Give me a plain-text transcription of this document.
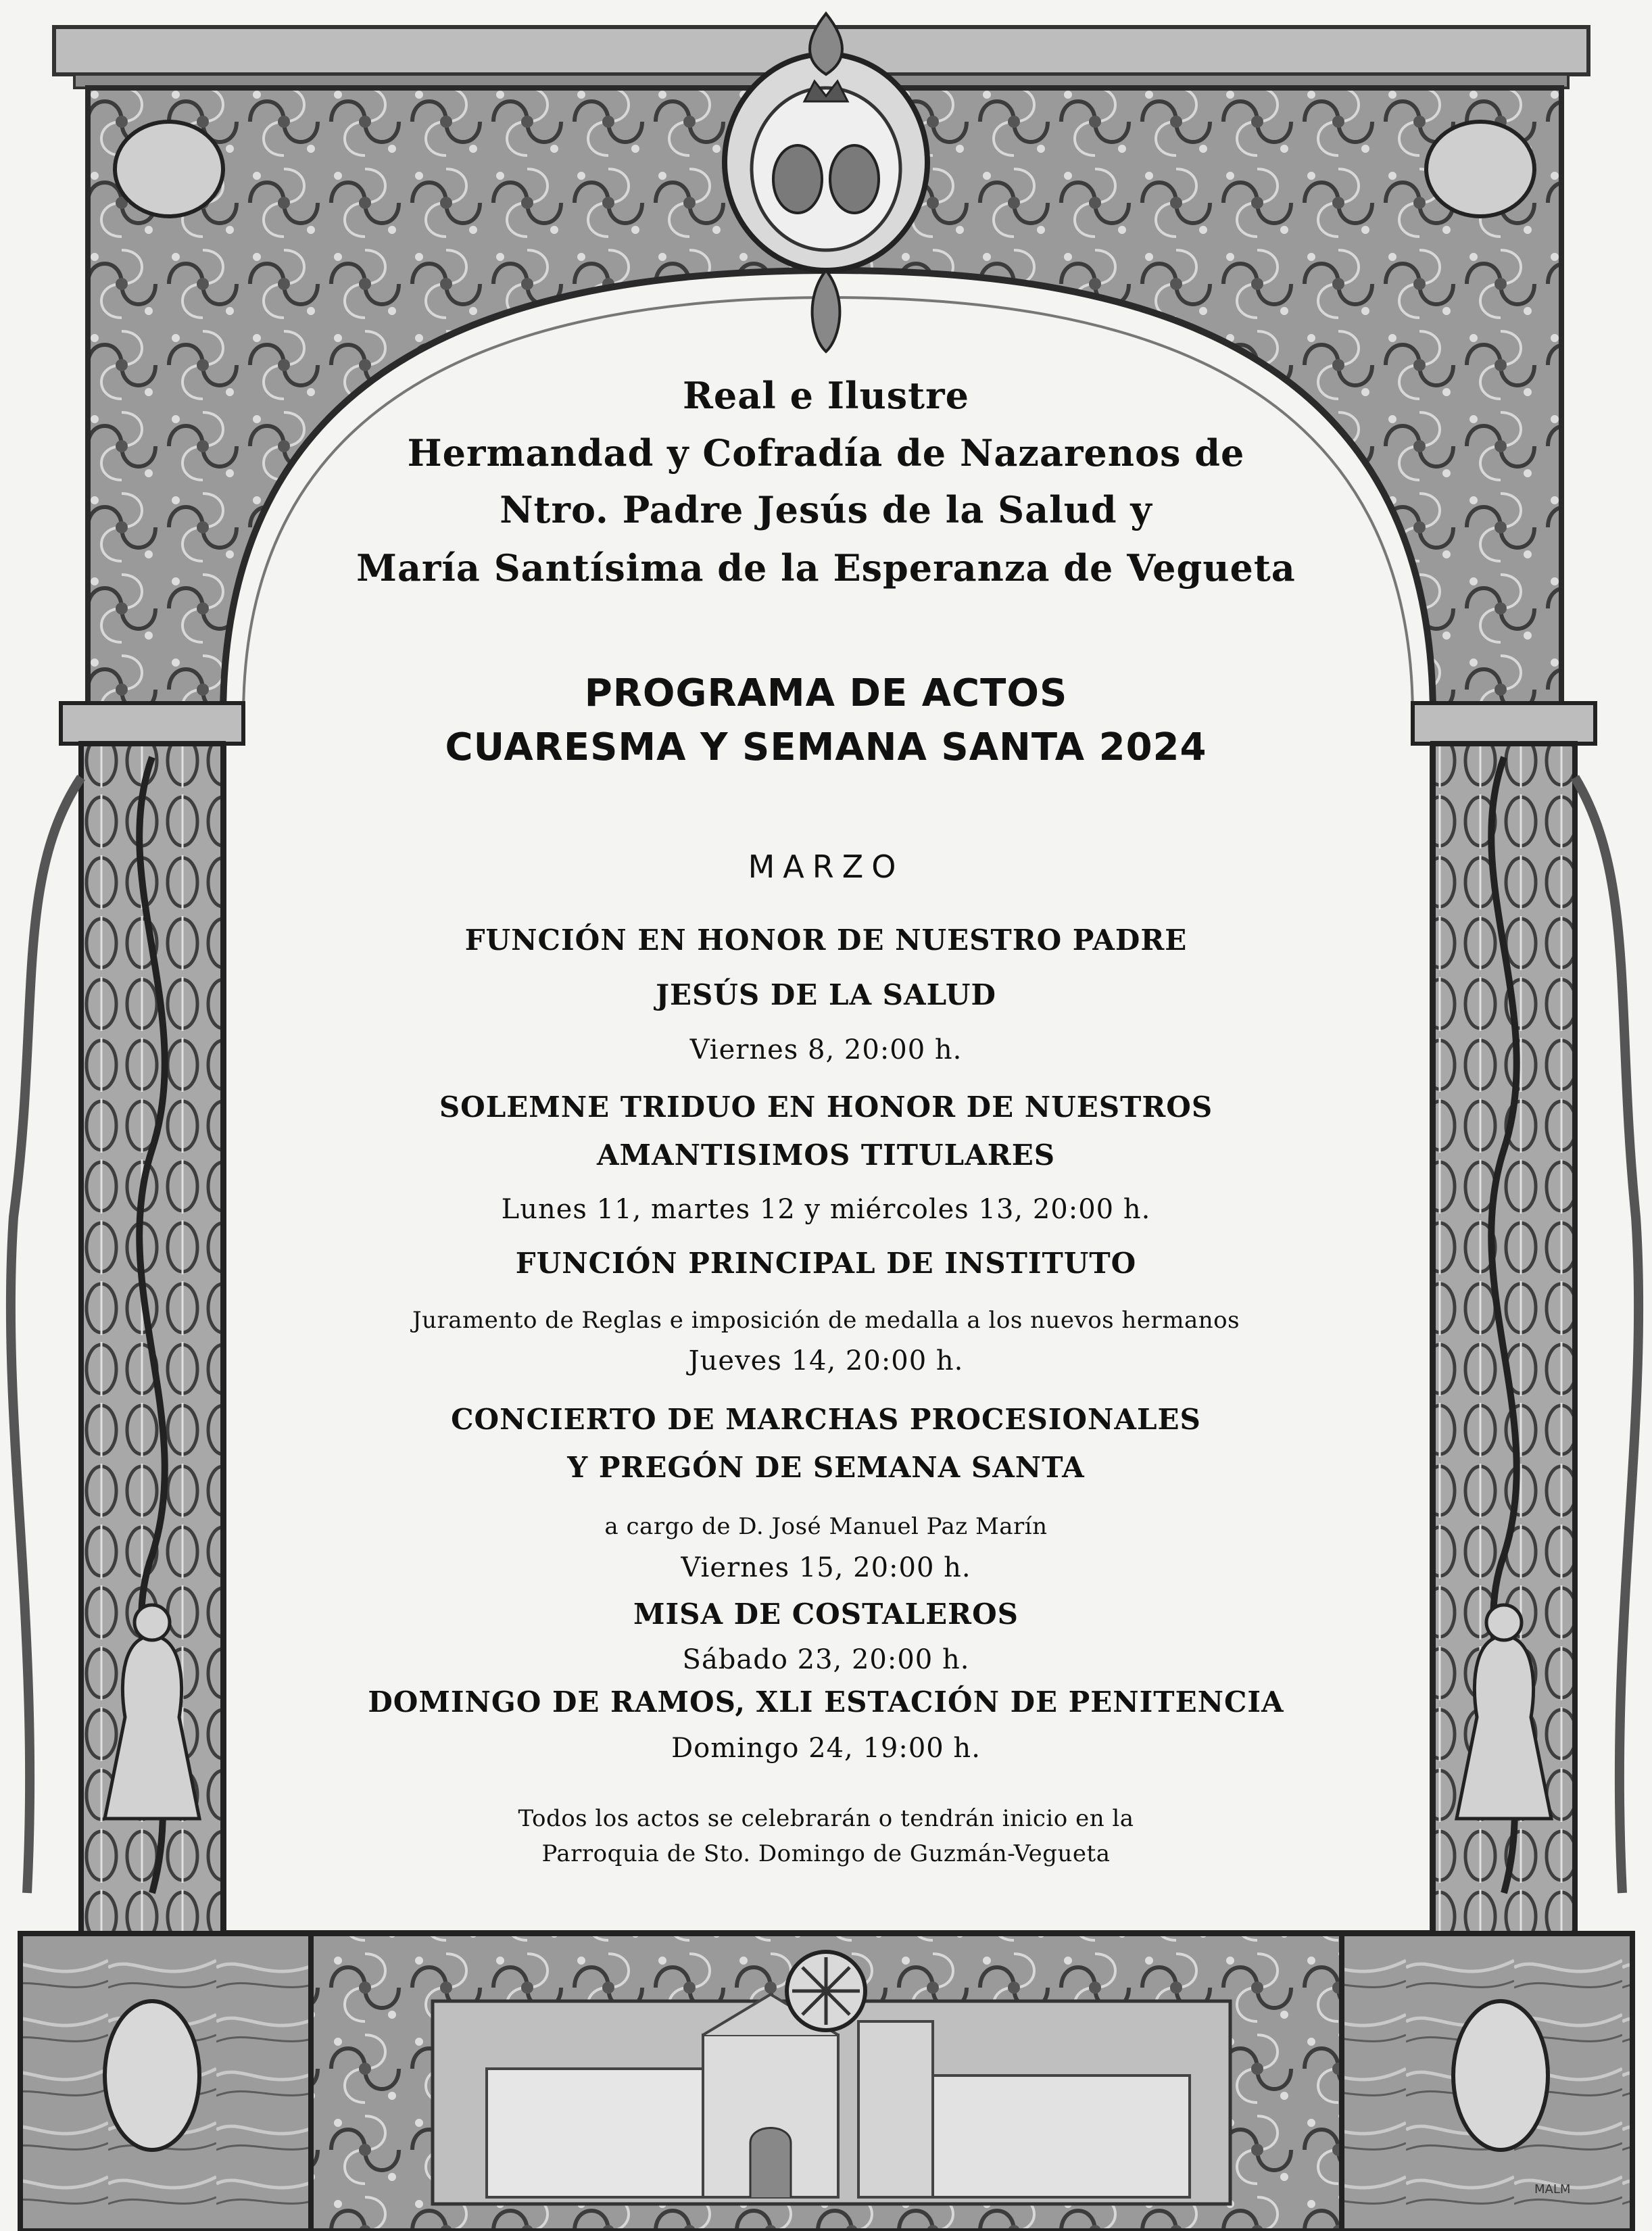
Real e Ilustre
Hermandad y Cofradía de Nazarenos de
Ntro. Padre Jesús de la Salud y
María Santísima de la Esperanza de Vegueta
PROGRAMA DE ACTOS
CUARESMA Y SEMANA SANTA 2024
MARZO
FUNCIÓN EN HONOR DE NUESTRO PADRE
JESÚS DE LA SALUD
Viernes 8, 20:00 h.
SOLEMNE TRIDUO EN HONOR DE NUESTROS
AMANTISIMOS TITULARES
Lunes 11, martes 12 y miércoles 13, 20:00 h.
FUNCIÓN PRINCIPAL DE INSTITUTO
Juramento de Reglas e imposición de medalla a los nuevos hermanos
Jueves 14, 20:00 h.
CONCIERTO DE MARCHAS PROCESIONALES
Y PREGÓN DE SEMANA SANTA
a cargo de D. José Manuel Paz Marín
Viernes 15, 20:00 h.
MISA DE COSTALEROS
Sábado 23, 20:00 h.
DOMINGO DE RAMOS, XLI ESTACIÓN DE PENITENCIA
Domingo 24, 19:00 h.
Todos los actos se celebrarán o tendrán inicio en la
Parroquia de Sto. Domingo de Guzmán-Vegueta
MALM
